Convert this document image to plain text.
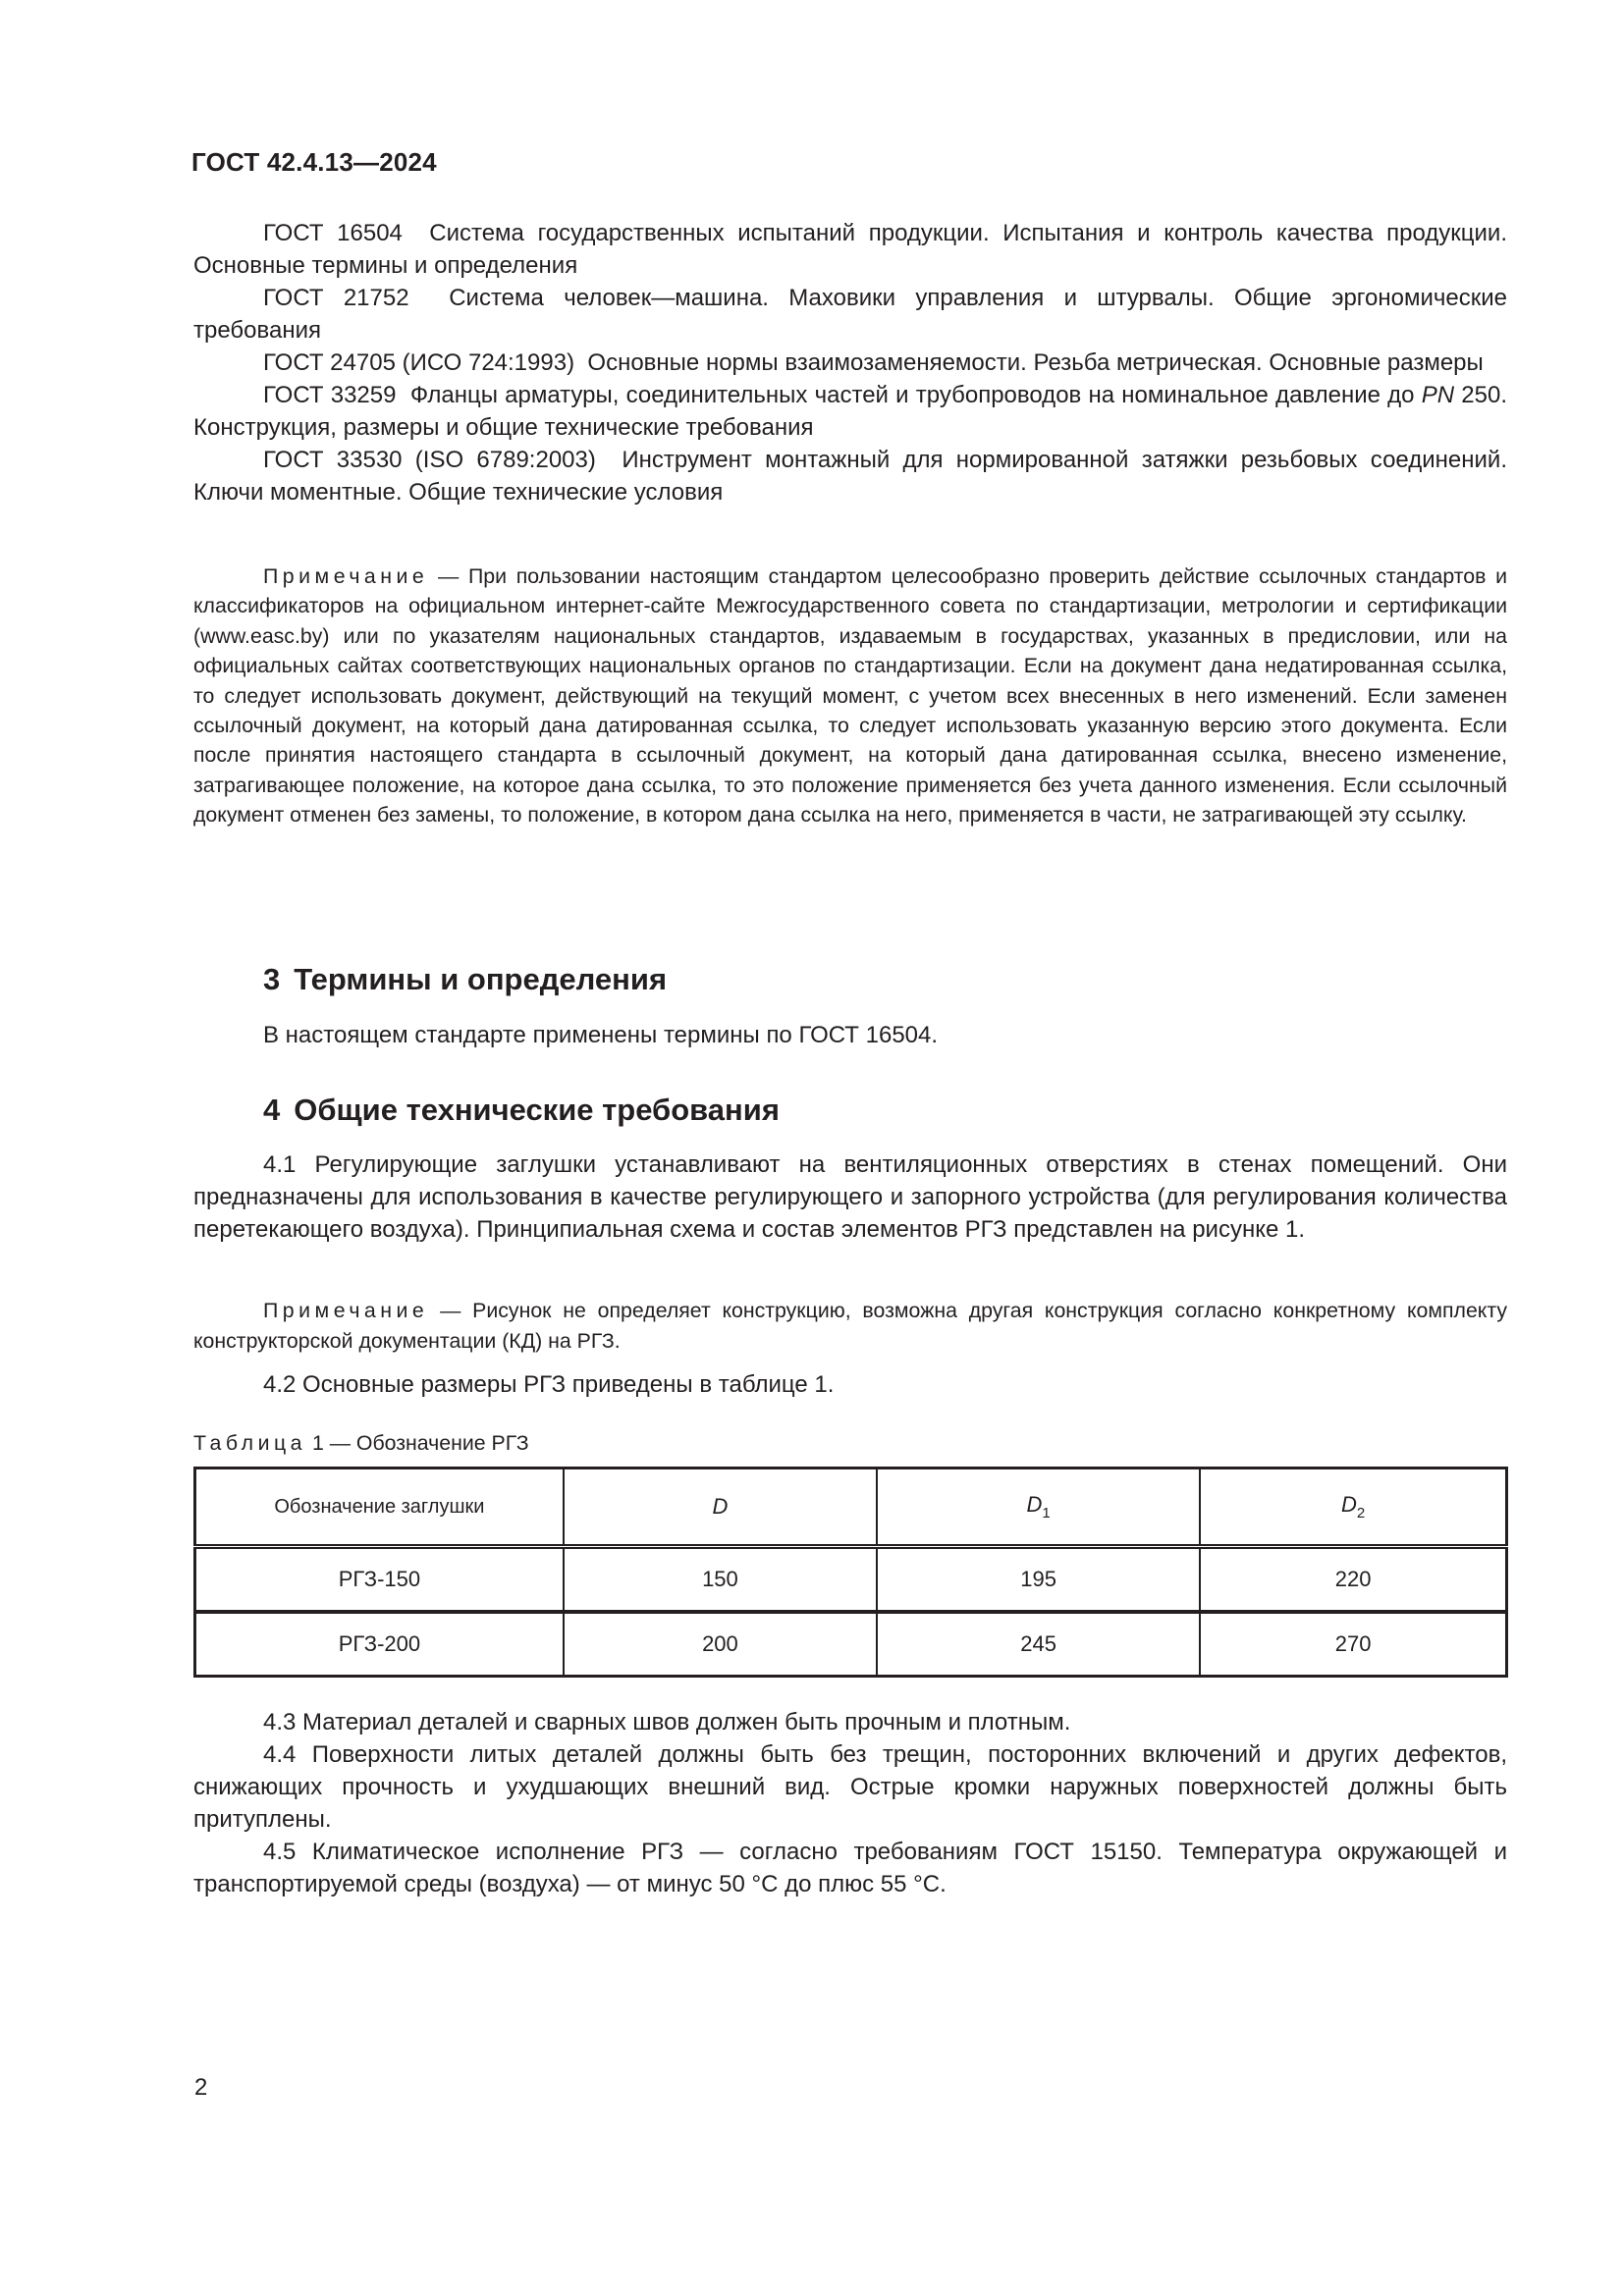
ГОСТ 42.4.13—2024

ГОСТ 16504 Система государственных испытаний продукции. Испытания и контроль качества продукции. Основные термины и определения

ГОСТ 21752 Система человек—машина. Маховики управления и штурвалы. Общие эргономические требования

ГОСТ 24705 (ИСО 724:1993) Основные нормы взаимозаменяемости. Резьба метрическая. Основные размеры

ГОСТ 33259 Фланцы арматуры, соединительных частей и трубопроводов на номинальное давление до PN 250. Конструкция, размеры и общие технические требования

ГОСТ 33530 (ISO 6789:2003) Инструмент монтажный для нормированной затяжки резьбовых соединений. Ключи моментные. Общие технические условия

Примечание — При пользовании настоящим стандартом целесообразно проверить действие ссылочных стандартов и классификаторов на официальном интернет-сайте Межгосударственного совета по стандартизации, метрологии и сертификации (www.easc.by) или по указателям национальных стандартов, издаваемым в государствах, указанных в предисловии, или на официальных сайтах соответствующих национальных органов по стандартизации. Если на документ дана недатированная ссылка, то следует использовать документ, действующий на текущий момент, с учетом всех внесенных в него изменений. Если заменен ссылочный документ, на который дана датированная ссылка, то следует использовать указанную версию этого документа. Если после принятия настоящего стандарта в ссылочный документ, на который дана датированная ссылка, внесено изменение, затрагивающее положение, на которое дана ссылка, то это положение применяется без учета данного изменения. Если ссылочный документ отменен без замены, то положение, в котором дана ссылка на него, применяется в части, не затрагивающей эту ссылку.

3 Термины и определения
В настоящем стандарте применены термины по ГОСТ 16504.
4 Общие технические требования

4.1 Регулирующие заглушки устанавливают на вентиляционных отверстиях в стенах помещений. Они предназначены для использования в качестве регулирующего и запорного устройства (для регулирования количества перетекающего воздуха). Принципиальная схема и состав элементов РГЗ представлен на рисунке 1.

Примечание — Рисунок не определяет конструкцию, возможна другая конструкция согласно конкретному комплекту конструкторской документации (КД) на РГЗ.

4.2 Основные размеры РГЗ приведены в таблице 1.

Таблица 1 — Обозначение РГЗ
Обозначение заглушки	D	$D_1$	$D_2$
РГЗ-150	150	195	220
РГЗ-200	200	245	270

4.3 Материал деталей и сварных швов должен быть прочным и плотным.

4.4 Поверхности литых деталей должны быть без трещин, посторонних включений и других дефектов, снижающих прочность и ухудшающих внешний вид. Острые кромки наружных поверхностей должны быть притуплены.

4.5 Климатическое исполнение РГЗ — согласно требованиям ГОСТ 15150. Температура окружающей и транспортируемой среды (воздуха) — от минус 50 °С до плюс 55 °С.

2
